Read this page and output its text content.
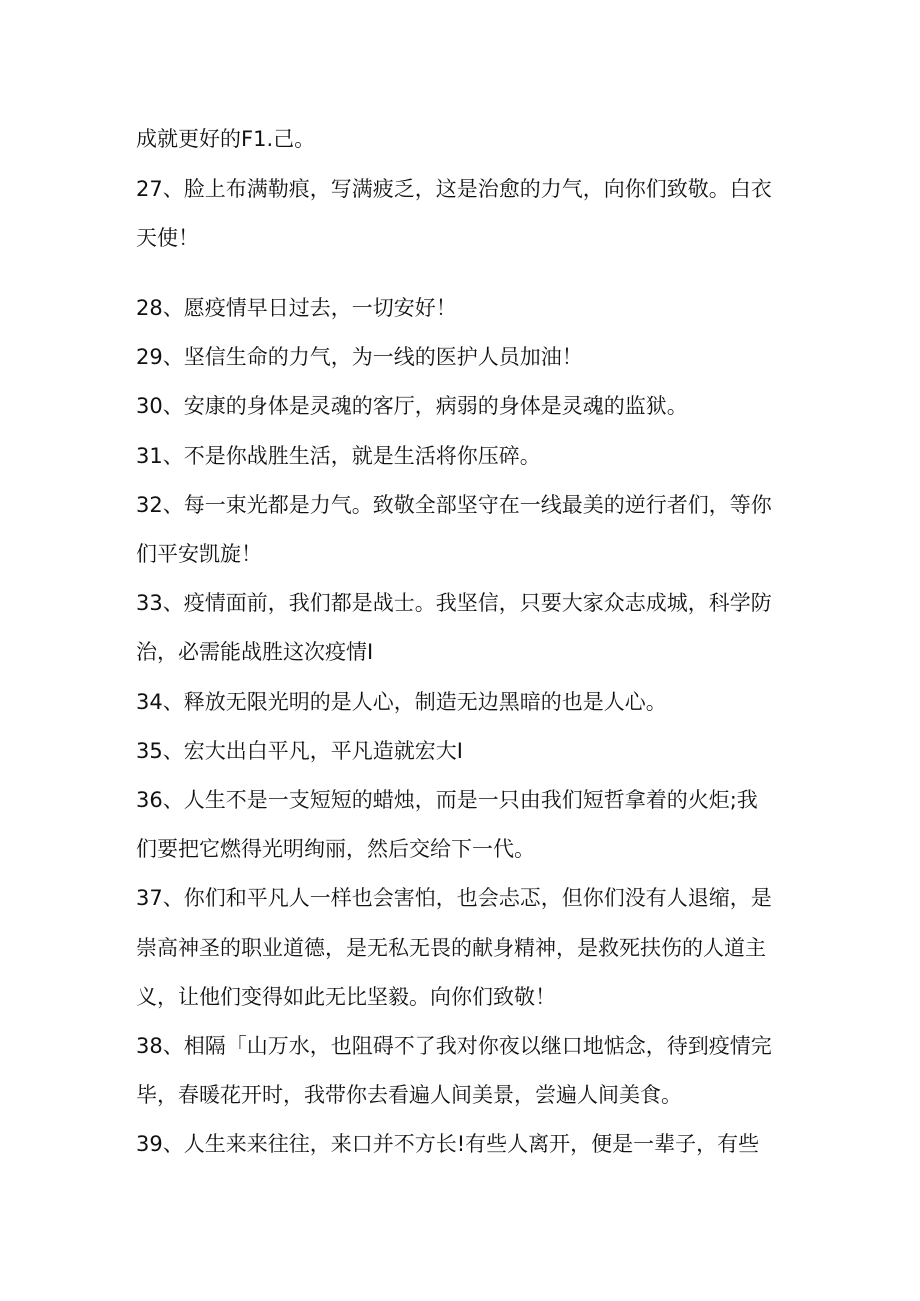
成就更好的F1.己。
27、脸上布满勒痕，写满疲乏，这是治愈的力气，向你们致敬。白衣
天使！
28、愿疫情早日过去，一切安好！
29、坚信生命的力气，为一线的医护人员加油！
30、安康的身体是灵魂的客厅，病弱的身体是灵魂的监狱。
31、不是你战胜生活，就是生活将你压碎。
32、每一束光都是力气。致敬全部坚守在一线最美的逆行者们，等你
们平安凯旋！
33、疫情面前，我们都是战士。我坚信，只要大家众志成城，科学防
治，必需能战胜这次疫情I
34、释放无限光明的是人心，制造无边黑暗的也是人心。
35、宏大出白平凡，平凡造就宏大I
36、人生不是一支短短的蜡烛，而是一只由我们短哲拿着的火炬;我
们要把它燃得光明绚丽，然后交给下一代。
37、你们和平凡人一样也会害怕，也会忐忑，但你们没有人退缩，是
崇高神圣的职业道德，是无私无畏的献身精神，是救死扶伤的人道主
义，让他们变得如此无比坚毅。向你们致敬！
38、相隔「山万水，也阻碍不了我对你夜以继口地惦念，待到疫情完
毕，春暖花开时，我带你去看遍人间美景，尝遍人间美食。
39、人生来来往往，来口并不方长!有些人离开，便是一辈子，有些
